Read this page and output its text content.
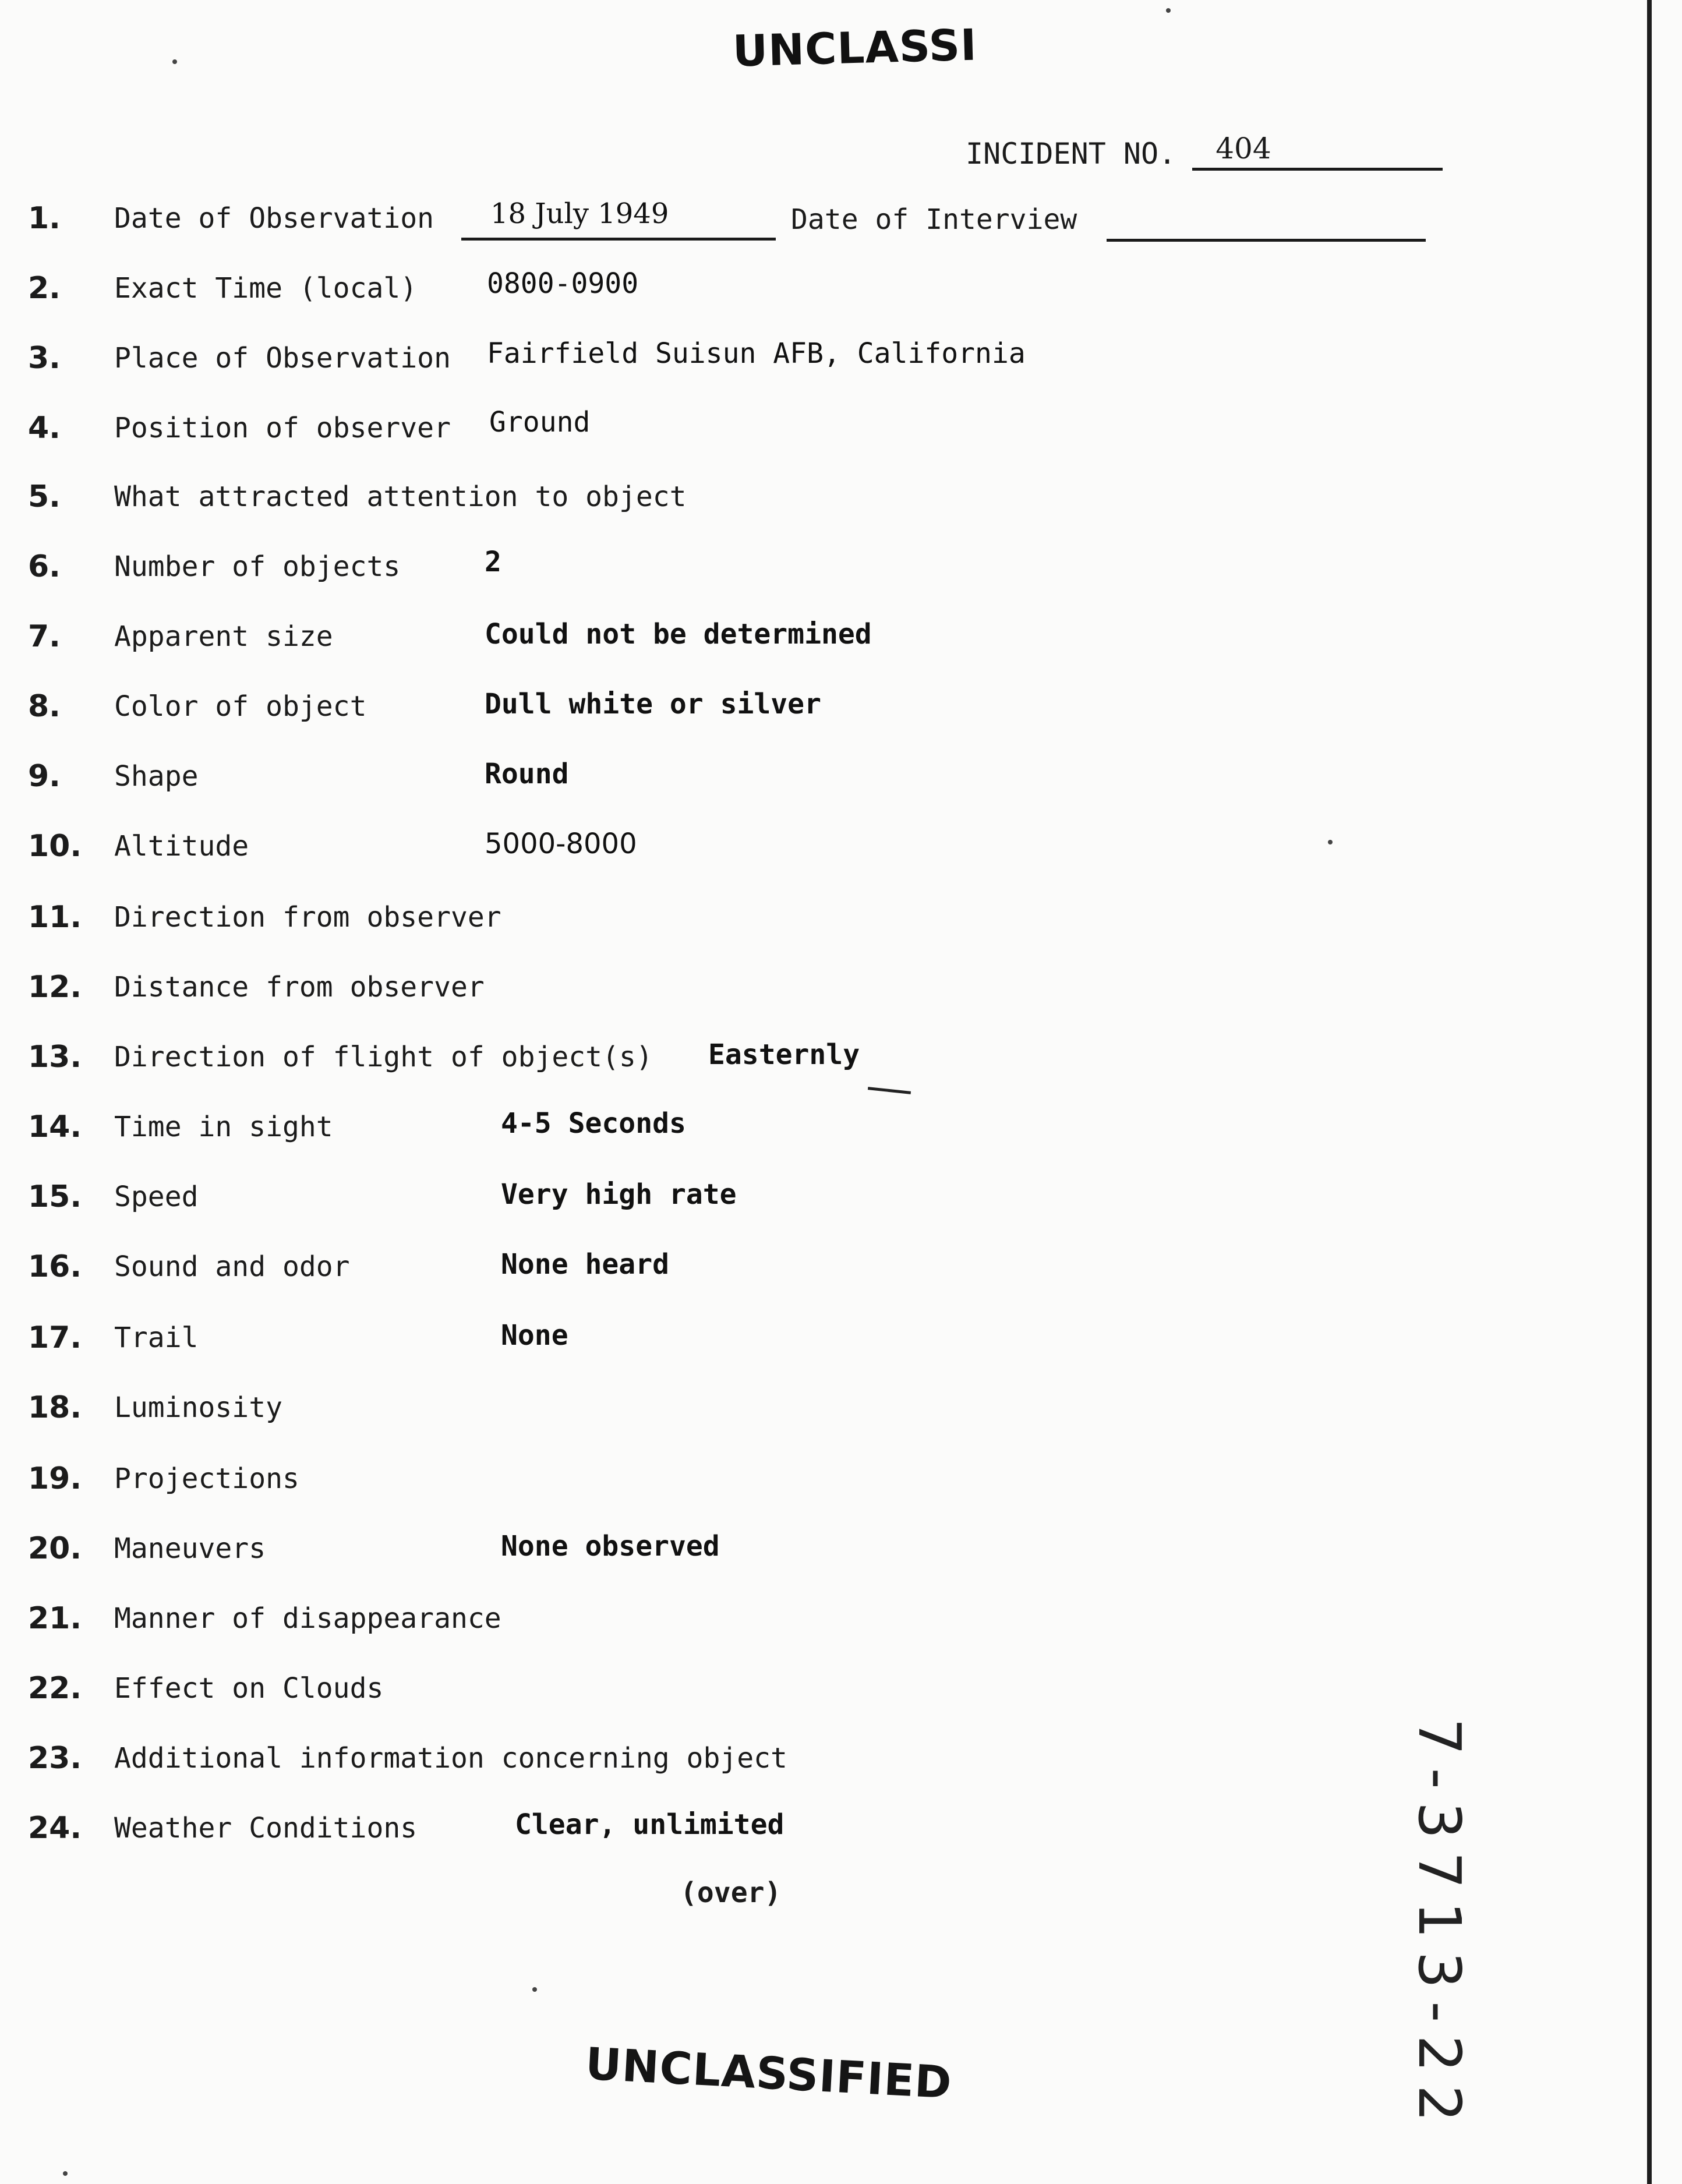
UNCLASSI
INCIDENT NO.	404
1.	Date of Observation 18 July 1949	Date of Interview
2.	Exact Time (local) 0800-0900
3.	Place of Observation Fairfield Suisun AFB, California
4.	Position of observer Ground
5.	What attracted attention to object
6.	Number of objects	2
7.	Apparent size	Could not be determined
8.	Color of object	Dull white or silver
9.	Shape	Round
10.	Altitude	5000-8000
11.	Direction from observer
12.	Distance from observer
13.	Direction of flight of object(s) Easternly
14.	Time in sight	4-5 Seconds
15.	Speed	Very high rate
16.	Sound and odor	None heard
17.	Trail	None
18.	Luminosity
19.	Projections
20.	Maneuvers	None observed
21.	Manner of disappearance
22.	Effect on Clouds
23.	Additional information concerning object
24.	Weather Conditions	Clear, unlimited
(over)
UNCLASSIFIED	7-3713-22
